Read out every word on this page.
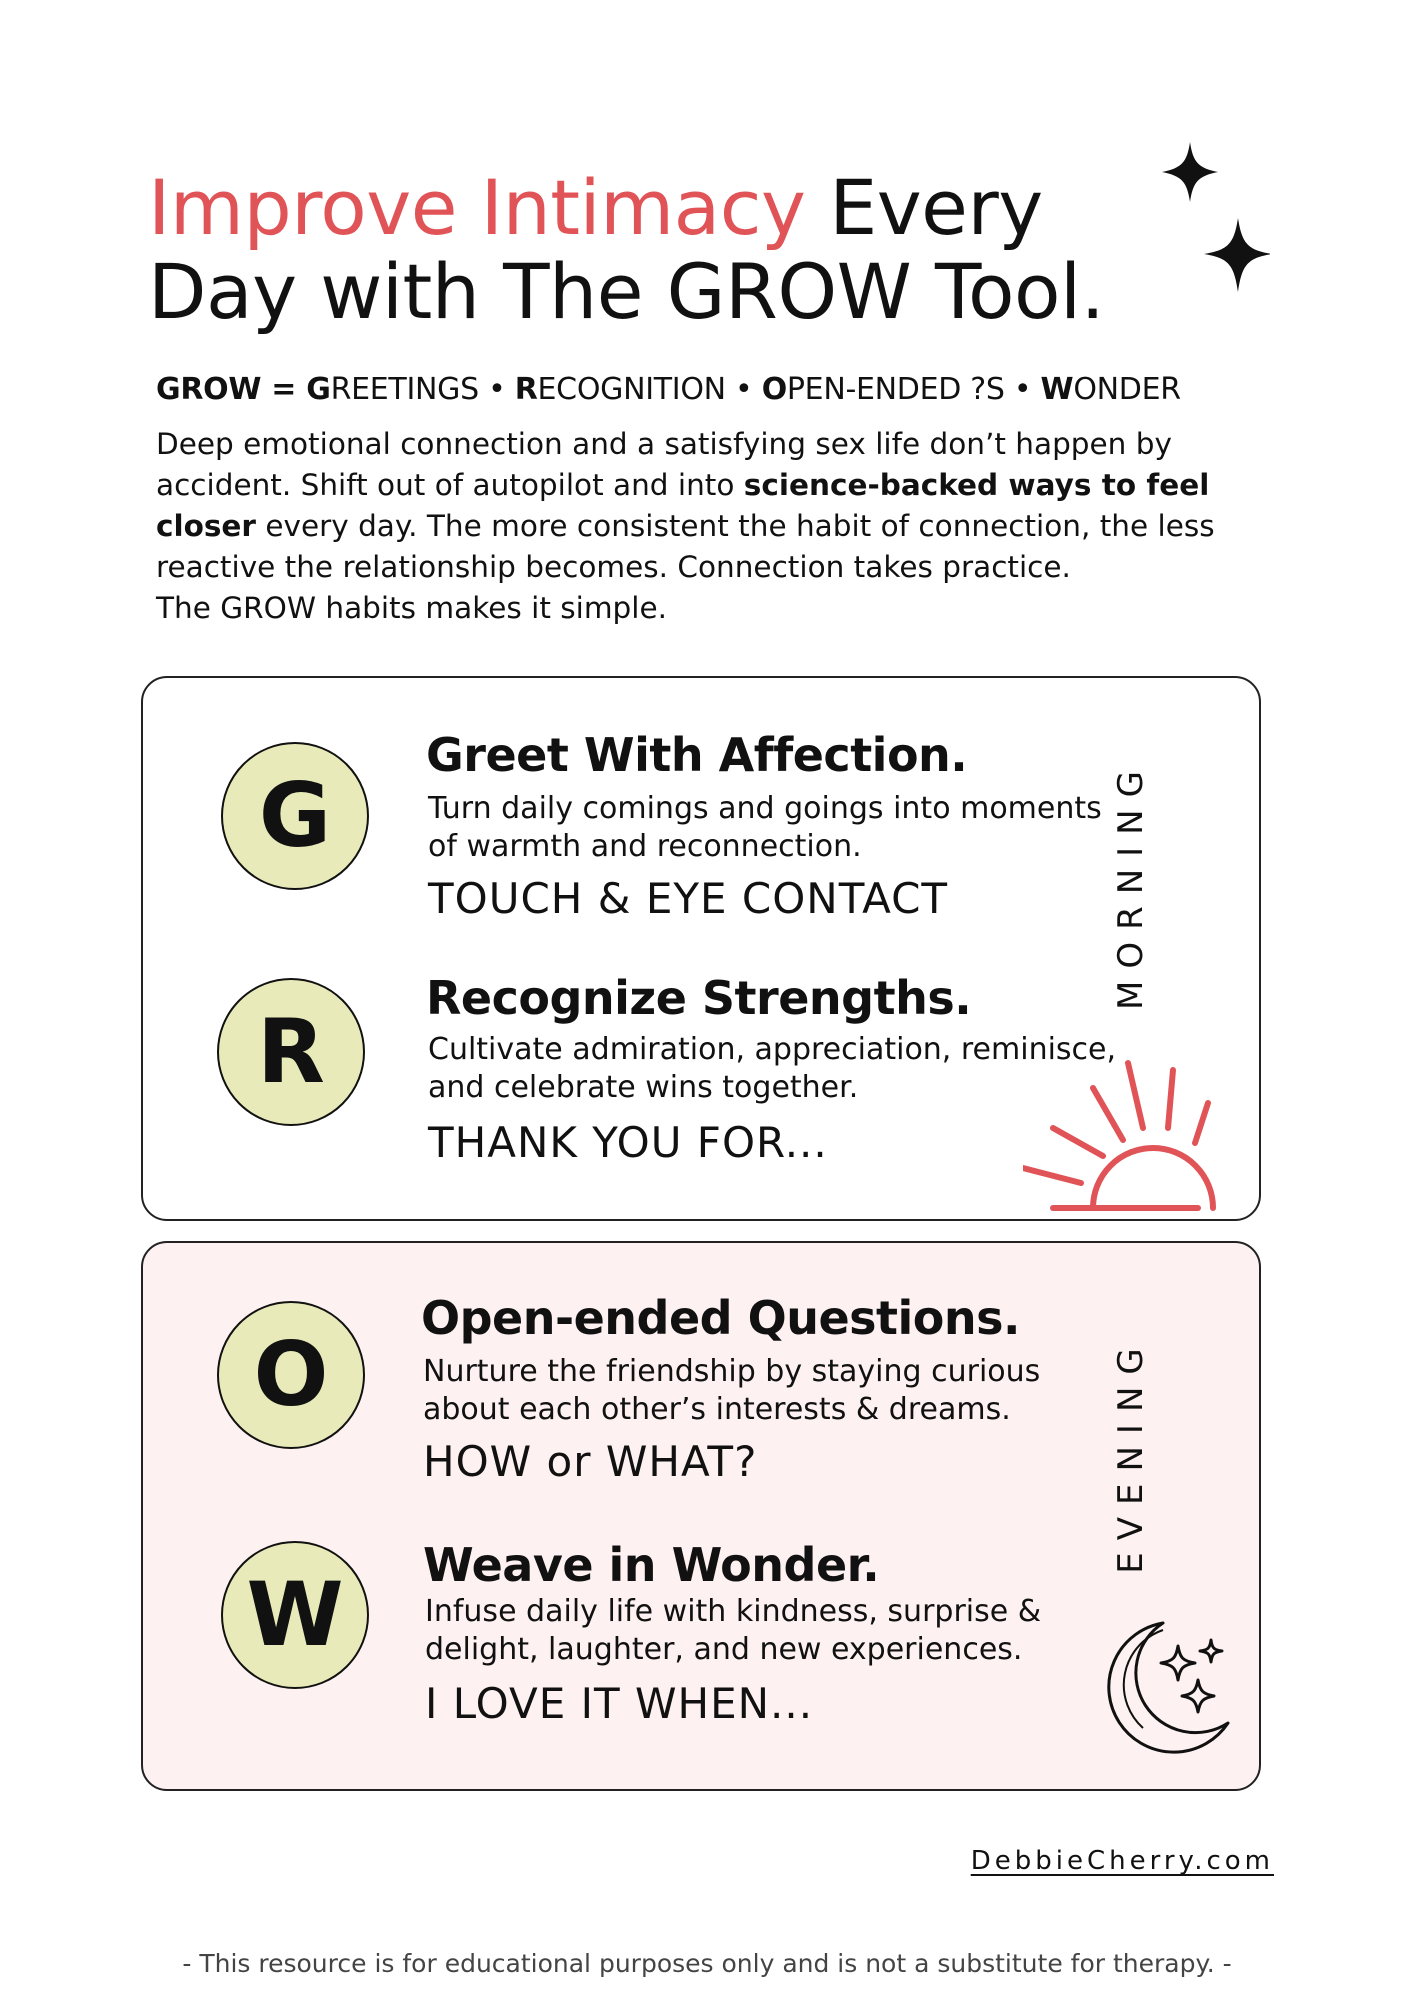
Improve Intimacy Every
Day with The GROW Tool.
GROW = GREETINGS • RECOGNITION • OPEN-ENDED ?S • WONDER
Deep emotional connection and a satisfying sex life don’t happen by accident. Shift out of autopilot and into science-backed ways to feel closer every day. The more consistent the habit of connection, the less reactive the relationship becomes. Connection takes practice.
The GROW habits makes it simple.
G
Greet With Affection.
Turn daily comings and goings into moments of warmth and reconnection.
TOUCH & EYE CONTACT
R
Recognize Strengths.
Cultivate admiration, appreciation, reminisce, and celebrate wins together.
THANK YOU FOR...
MORNING
O
Open-ended Questions.
Nurture the friendship by staying curious about each other’s interests & dreams.
HOW or WHAT?
W	Weave in Wonder.
Infuse daily life with kindness, surprise & delight, laughter, and new experiences.
I LOVE IT WHEN...
EVENING
DebbieCherry.com
- This resource is for educational purposes only and is not a substitute for therapy. -
